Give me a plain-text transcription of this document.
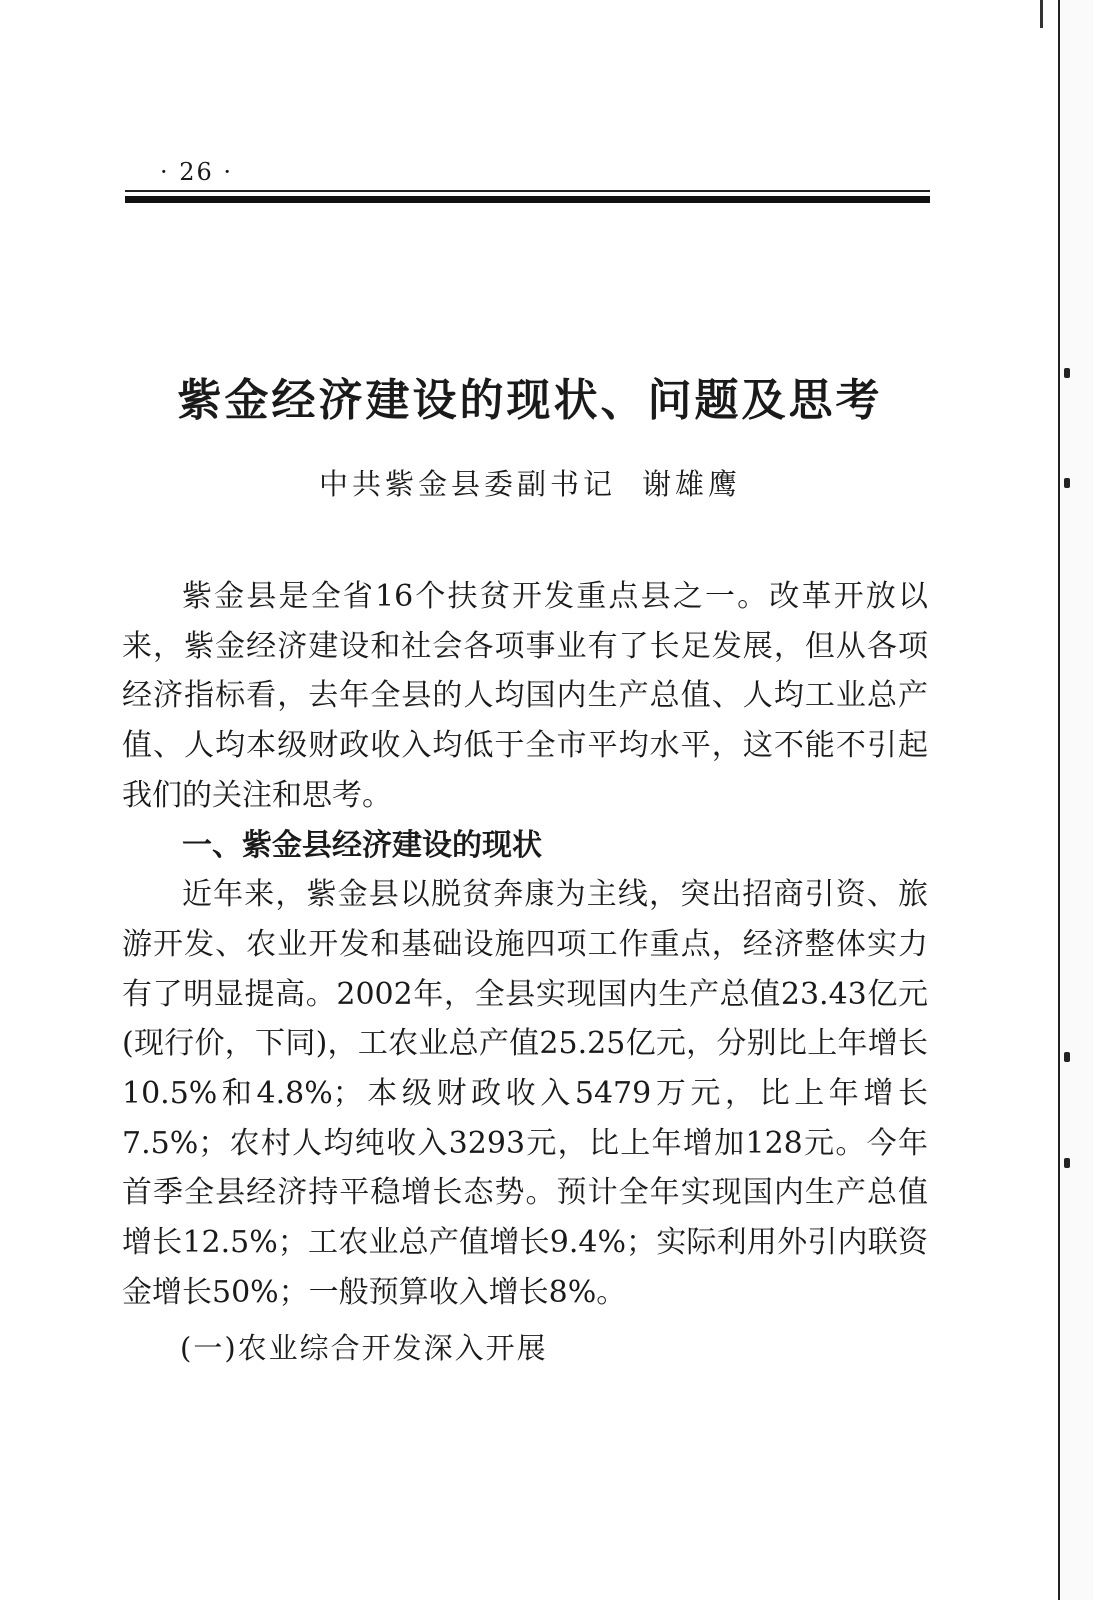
· 26 ·
紫金经济建设的现状、问题及思考
中共紫金县委副书记 谢雄鹰

紫金县是全省16个扶贫开发重点县之一。改革开放以来，紫金经济建设和社会各项事业有了长足发展，但从各项经济指标看，去年全县的人均国内生产总值、人均工业总产值、人均本级财政收入均低于全市平均水平，这不能不引起我们的关注和思考。

一、紫金县经济建设的现状

近年来，紫金县以脱贫奔康为主线，突出招商引资、旅游开发、农业开发和基础设施四项工作重点，经济整体实力有了明显提高。2002年，全县实现国内生产总值23.43亿元(现行价，下同)，工农业总产值25.25亿元，分别比上年增长10.5%和4.8%；本级财政收入5479万元，比上年增长7.5%；农村人均纯收入3293元，比上年增加128元。今年首季全县经济持平稳增长态势。预计全年实现国内生产总值增长12.5%；工农业总产值增长9.4%；实际利用外引内联资金增长50%；一般预算收入增长8%。

(一)农业综合开发深入开展
